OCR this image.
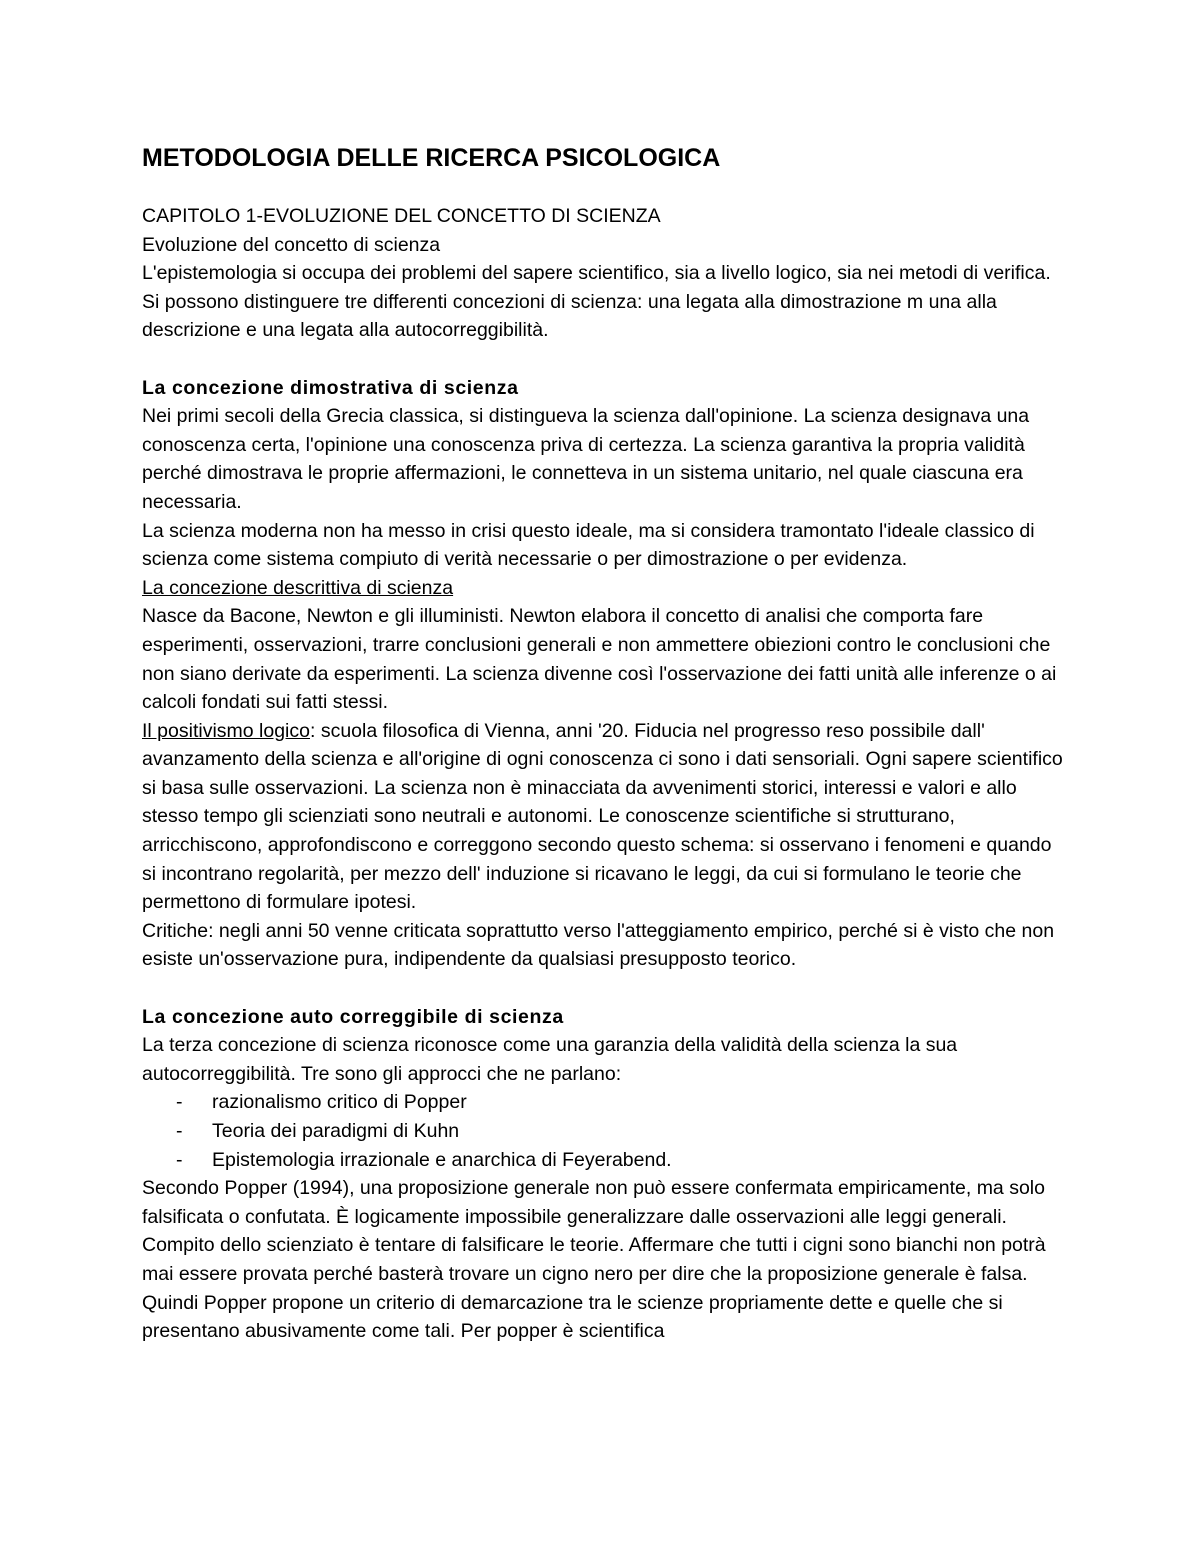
METODOLOGIA DELLE RICERCA PSICOLOGICA

CAPITOLO 1-EVOLUZIONE DEL CONCETTO DI SCIENZA

Evoluzione del concetto di scienza

L'epistemologia si occupa dei problemi del sapere scientifico, sia a livello logico, sia nei metodi di verifica.

Si possono distinguere tre differenti concezioni di scienza: una legata alla dimostrazione m una alla descrizione e una legata alla autocorreggibilità.

La concezione dimostrativa di scienza

Nei primi secoli della Grecia classica, si distingueva la scienza dall'opinione. La scienza designava una conoscenza certa, l'opinione una conoscenza priva di certezza. La scienza garantiva la propria validità perché dimostrava le proprie affermazioni, le connetteva in un sistema unitario, nel quale ciascuna era necessaria.

La scienza moderna non ha messo in crisi questo ideale, ma si considera tramontato l'ideale classico di scienza come sistema compiuto di verità necessarie o per dimostrazione o per evidenza.

La concezione descrittiva di scienza

Nasce da Bacone, Newton e gli illuministi. Newton elabora il concetto di analisi che comporta fare esperimenti, osservazioni, trarre conclusioni generali e non ammettere obiezioni contro le conclusioni che non siano derivate da esperimenti. La scienza divenne così l'osservazione dei fatti unità alle inferenze o ai calcoli fondati sui fatti stessi.

Il positivismo logico: scuola filosofica di Vienna, anni '20. Fiducia nel progresso reso possibile dall' avanzamento della scienza e all'origine di ogni conoscenza ci sono i dati sensoriali. Ogni sapere scientifico si basa sulle osservazioni. La scienza non è minacciata da avvenimenti storici, interessi e valori e allo stesso tempo gli scienziati sono neutrali e autonomi. Le conoscenze scientifiche si strutturano, arricchiscono, approfondiscono e correggono secondo questo schema: si osservano i fenomeni e quando si incontrano regolarità, per mezzo dell' induzione si ricavano le leggi, da cui si formulano le teorie che permettono di formulare ipotesi.

Critiche: negli anni 50 venne criticata soprattutto verso l'atteggiamento empirico, perché si è visto che non esiste un'osservazione pura, indipendente da qualsiasi presupposto teorico.

La concezione auto correggibile di scienza

La terza concezione di scienza riconosce come una garanzia della validità della scienza la sua autocorreggibilità. Tre sono gli approcci che ne parlano:

- razionalismo critico di Popper
- Teoria dei paradigmi di Kuhn
- Epistemologia irrazionale e anarchica di Feyerabend.

Secondo Popper (1994), una proposizione generale non può essere confermata empiricamente, ma solo falsificata o confutata. È logicamente impossibile generalizzare dalle osservazioni alle leggi generali. Compito dello scienziato è tentare di falsificare le teorie. Affermare che tutti i cigni sono bianchi non potrà mai essere provata perché basterà trovare un cigno nero per dire che la proposizione generale è falsa. Quindi Popper propone un criterio di demarcazione tra le scienze propriamente dette e quelle che si presentano abusivamente come tali. Per popper è scientifica
